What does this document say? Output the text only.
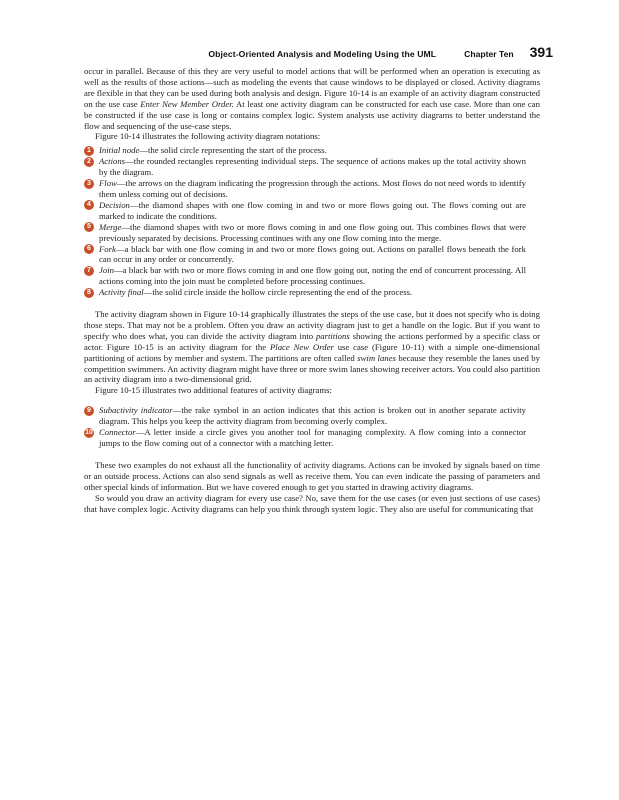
Object-Oriented Analysis and Modeling Using the UML	Chapter Ten 391

occur in parallel. Because of this they are very useful to model actions that will be performed when an operation is executing as well as the results of those actions—such as modeling the events that cause windows to be displayed or closed. Activity diagrams are flexible in that they can be used during both analysis and design. Figure 10-14 is an example of an activity diagram constructed on the use case Enter New Member Order. At least one activity diagram can be constructed for each use case. More than one can be constructed if the use case is long or contains complex logic. System analysts use activity diagrams to better understand the flow and sequencing of the use-case steps.

Figure 10-14 illustrates the following activity diagram notations:

1 Initial node—the solid circle representing the start of the process.
2 Actions—the rounded rectangles representing individual steps. The sequence of actions makes up the total activity shown by the diagram.
3 Flow—the arrows on the diagram indicating the progression through the actions. Most flows do not need words to identify them unless coming out of decisions.
4 Decision—the diamond shapes with one flow coming in and two or more flows going out. The flows coming out are marked to indicate the conditions.
5 Merge—the diamond shapes with two or more flows coming in and one flow going out. This combines flows that were previously separated by decisions. Processing continues with any one flow coming into the merge.
6 Fork—a black bar with one flow coming in and two or more flows going out. Actions on parallel flows beneath the fork can occur in any order or concurrently.
7 Join—a black bar with two or more flows coming in and one flow going out, noting the end of concurrent processing. All actions coming into the join must be completed before processing continues.
8 Activity final—the solid circle inside the hollow circle representing the end of the process.

The activity diagram shown in Figure 10-14 graphically illustrates the steps of the use case, but it does not specify who is doing those steps. That may not be a problem. Often you draw an activity diagram just to get a handle on the logic. But if you want to specify who does what, you can divide the activity diagram into partitions showing the actions performed by a specific class or actor. Figure 10-15 is an activity diagram for the Place New Order use case (Figure 10-11) with a simple one-dimensional partitioning of actions by member and system. The partitions are often called swim lanes because they resemble the lanes used by competition swimmers. An activity diagram might have three or more swim lanes showing receiver actors. You could also partition an activity diagram into a two-dimensional grid.

Figure 10-15 illustrates two additional features of activity diagrams:

9 Subactivity indicator—the rake symbol in an action indicates that this action is broken out in another separate activity diagram. This helps you keep the activity diagram from becoming overly complex.
10 Connector—A letter inside a circle gives you another tool for managing complexity. A flow coming into a connector jumps to the flow coming out of a connector with a matching letter.

These two examples do not exhaust all the functionality of activity diagrams. Actions can be invoked by signals based on time or an outside process. Actions can also send signals as well as receive them. You can even indicate the passing of parameters and other special kinds of information. But we have covered enough to get you started in drawing activity diagrams.

So would you draw an activity diagram for every use case? No, save them for the use cases (or even just sections of use cases) that have complex logic. Activity diagrams can help you think through system logic. They also are useful for communicating that
